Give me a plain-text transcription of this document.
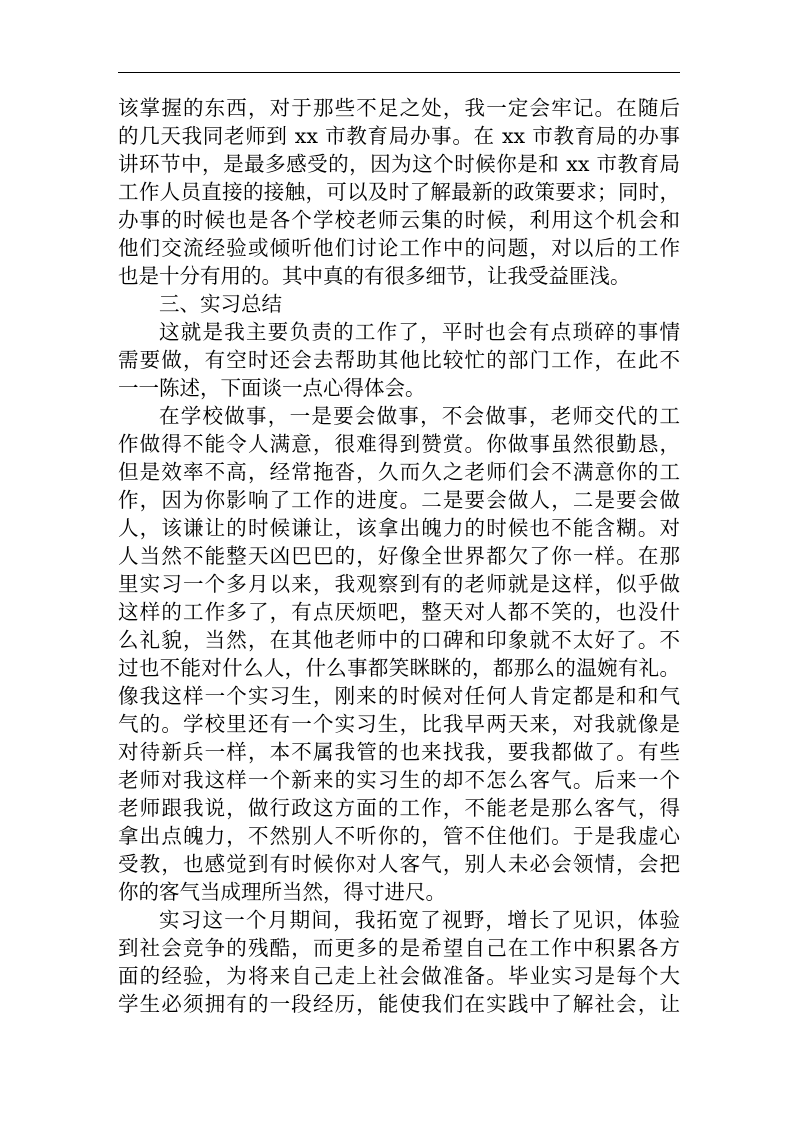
该掌握的东西，对于那些不足之处，我一定会牢记。在随后
的几天我同老师到 xx 市教育局办事。在 xx 市教育局的办事
讲环节中，是最多感受的，因为这个时候你是和 xx 市教育局
工作人员直接的接触，可以及时了解最新的政策要求；同时，
办事的时候也是各个学校老师云集的时候，利用这个机会和
他们交流经验或倾听他们讨论工作中的问题，对以后的工作
也是十分有用的。其中真的有很多细节，让我受益匪浅。
三、实习总结
这就是我主要负责的工作了，平时也会有点琐碎的事情
需要做，有空时还会去帮助其他比较忙的部门工作，在此不
一一陈述，下面谈一点心得体会。
在学校做事，一是要会做事，不会做事，老师交代的工
作做得不能令人满意，很难得到赞赏。你做事虽然很勤恳，
但是效率不高，经常拖沓，久而久之老师们会不满意你的工
作，因为你影响了工作的进度。二是要会做人，二是要会做
人，该谦让的时候谦让，该拿出魄力的时候也不能含糊。对
人当然不能整天凶巴巴的，好像全世界都欠了你一样。在那
里实习一个多月以来，我观察到有的老师就是这样，似乎做
这样的工作多了，有点厌烦吧，整天对人都不笑的，也没什
么礼貌，当然，在其他老师中的口碑和印象就不太好了。不
过也不能对什么人，什么事都笑眯眯的，都那么的温婉有礼。
像我这样一个实习生，刚来的时候对任何人肯定都是和和气
气的。学校里还有一个实习生，比我早两天来，对我就像是
对待新兵一样，本不属我管的也来找我，要我都做了。有些
老师对我这样一个新来的实习生的却不怎么客气。后来一个
老师跟我说，做行政这方面的工作，不能老是那么客气，得
拿出点魄力，不然别人不听你的，管不住他们。于是我虚心
受教，也感觉到有时候你对人客气，别人未必会领情，会把
你的客气当成理所当然，得寸进尺。
实习这一个月期间，我拓宽了视野，增长了见识，体验
到社会竞争的残酷，而更多的是希望自己在工作中积累各方
面的经验，为将来自己走上社会做准备。毕业实习是每个大
学生必须拥有的一段经历，能使我们在实践中了解社会，让
